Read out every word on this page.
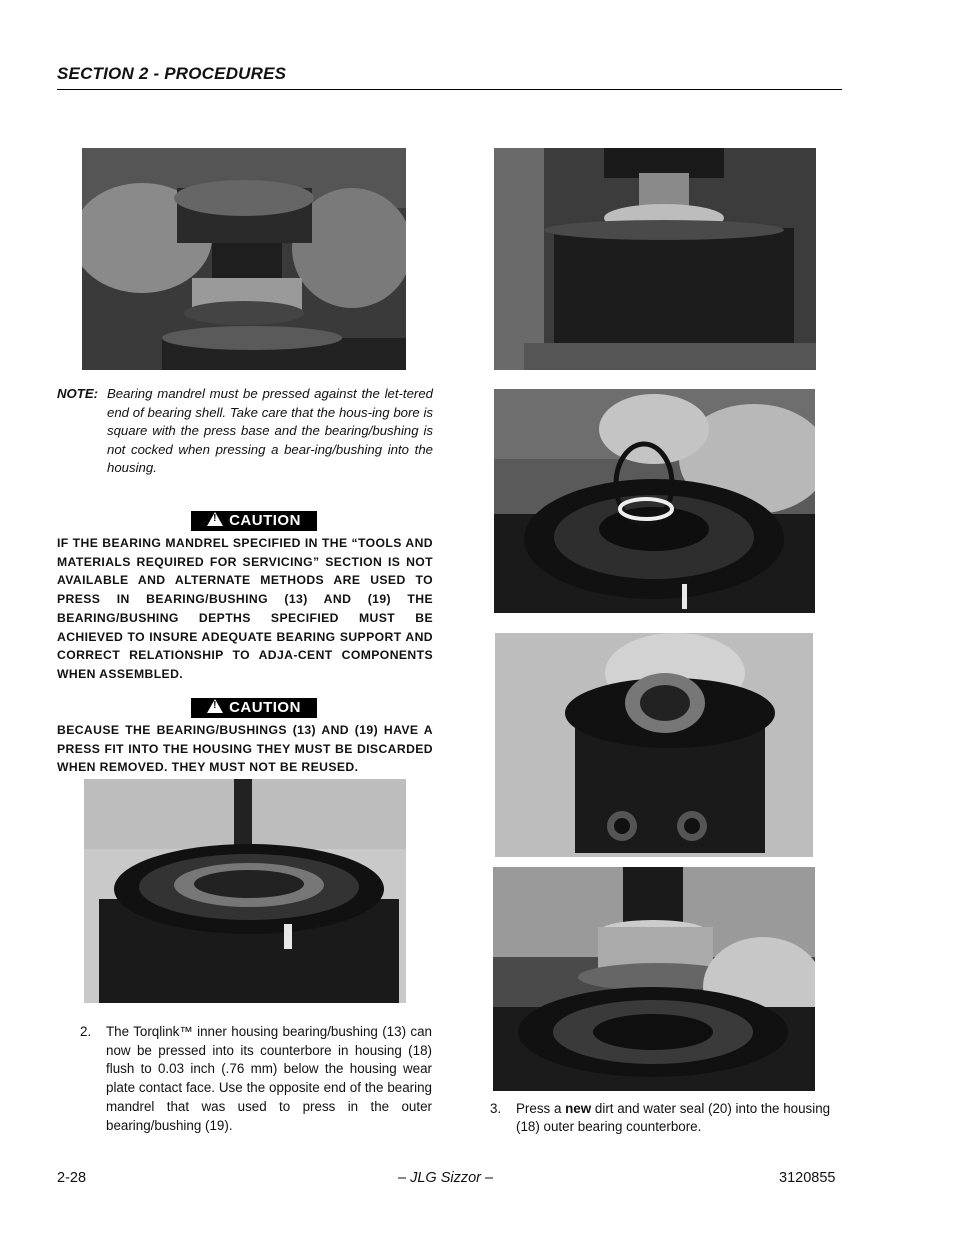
SECTION 2 - PROCEDURES
NOTE: Bearing mandrel must be pressed against the let-tered end of bearing shell. Take care that the hous-ing bore is square with the press base and the bearing/bushing is not cocked when pressing a bear-ing/bushing into the housing.
!CAUTION
IF THE BEARING MANDREL SPECIFIED IN THE “TOOLS AND MATERIALS REQUIRED FOR SERVICING” SECTION IS NOT AVAILABLE AND ALTERNATE METHODS ARE USED TO PRESS IN BEARING/BUSHING (13) AND (19) THE BEARING/BUSHING DEPTHS SPECIFIED MUST BE ACHIEVED TO INSURE ADEQUATE BEARING SUPPORT AND CORRECT RELATIONSHIP TO ADJA-CENT COMPONENTS WHEN ASSEMBLED.
!CAUTION
BECAUSE THE BEARING/BUSHINGS (13) AND (19) HAVE A PRESS FIT INTO THE HOUSING THEY MUST BE DISCARDED WHEN REMOVED. THEY MUST NOT BE REUSED.
2. The Torqlink™ inner housing bearing/bushing (13) can now be pressed into its counterbore in housing (18) flush to 0.03 inch (.76 mm) below the housing wear plate contact face. Use the opposite end of the bearing mandrel that was used to press in the outer bearing/bushing (19).
3. Press a new dirt and water seal (20) into the housing (18) outer bearing counterbore.
2-28	– JLG Sizzor –	3120855
